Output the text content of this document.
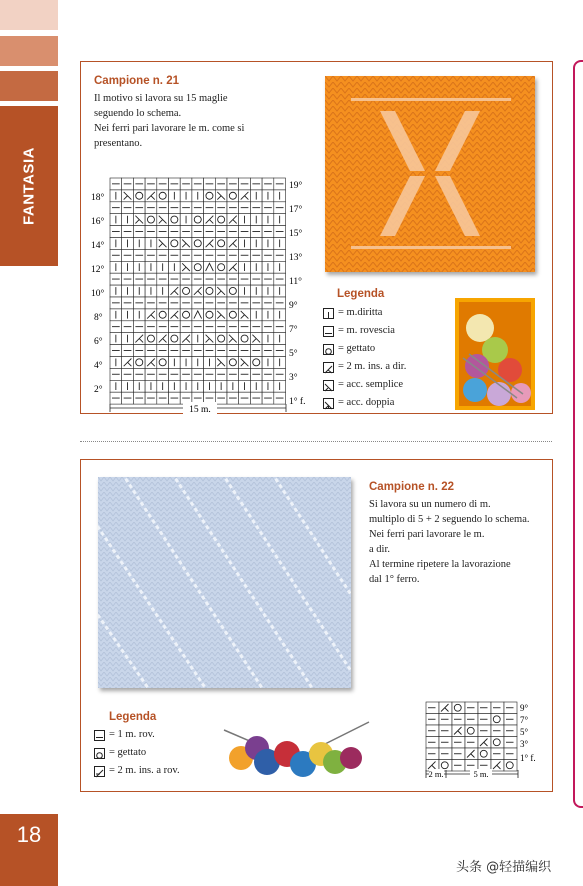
FANTASIA
18
Campione n. 21
Il motivo si lavora su 15 maglie
seguendo lo schema.
Nei ferri pari lavorare le m. come si
presentano.
18°
16°
14°
12°
10°
8°
6°
4°
2°
19°
17°
15°
13°
11°
9°
7°
5°
3°
1° f.
15 m.
Legenda
= m.diritta
= m. rovescia
= gettato
= 2 m. ins. a dir.
= acc. semplice
= acc. doppia
Campione n. 22
Si lavora su un numero di m.
multiplo di 5 + 2 seguendo lo schema.
Nei ferri pari lavorare le m.
a dir.
Al termine ripetere la lavorazione
dal 1° ferro.
Legenda
= 1 m. rov.
= gettato
= 2 m. ins. a rov.
9°
7°
5°
3°
1° f.
2 m.	5 m.
头条 @轻描编织
